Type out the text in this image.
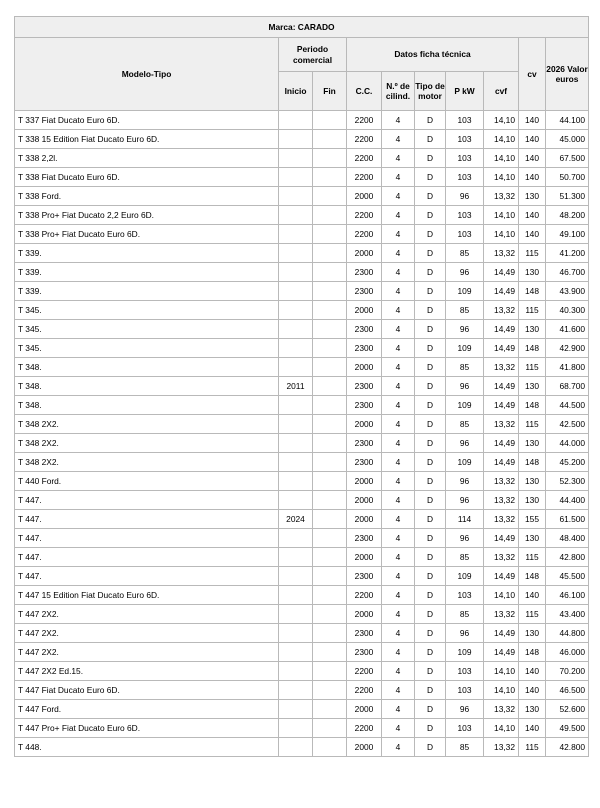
Marca: CARADO									
Modelo-Tipo	Periodo comercial		Datos ficha técnica					cv	2026 Valor euros
	Inicio	Fin	C.C.	N.º de cilind.	Tipo de motor	P kW	cvf		
T 337 Fiat Ducato Euro 6D.			2200	4	D	103	14,10	140	44.100
T 338 15 Edition Fiat Ducato Euro 6D.			2200	4	D	103	14,10	140	45.000
T 338 2,2l.			2200	4	D	103	14,10	140	67.500
T 338 Fiat Ducato Euro 6D.			2200	4	D	103	14,10	140	50.700
T 338 Ford.			2000	4	D	96	13,32	130	51.300
T 338 Pro+ Fiat Ducato 2,2 Euro 6D.			2200	4	D	103	14,10	140	48.200
T 338 Pro+ Fiat Ducato Euro 6D.			2200	4	D	103	14,10	140	49.100
T 339.			2000	4	D	85	13,32	115	41.200
T 339.			2300	4	D	96	14,49	130	46.700
T 339.			2300	4	D	109	14,49	148	43.900
T 345.			2000	4	D	85	13,32	115	40.300
T 345.			2300	4	D	96	14,49	130	41.600
T 345.			2300	4	D	109	14,49	148	42.900
T 348.			2000	4	D	85	13,32	115	41.800
T 348.	2011		2300	4	D	96	14,49	130	68.700
T 348.			2300	4	D	109	14,49	148	44.500
T 348 2X2.			2000	4	D	85	13,32	115	42.500
T 348 2X2.			2300	4	D	96	14,49	130	44.000
T 348 2X2.			2300	4	D	109	14,49	148	45.200
T 440 Ford.			2000	4	D	96	13,32	130	52.300
T 447.			2000	4	D	96	13,32	130	44.400
T 447.	2024		2000	4	D	114	13,32	155	61.500
T 447.			2300	4	D	96	14,49	130	48.400
T 447.			2000	4	D	85	13,32	115	42.800
T 447.			2300	4	D	109	14,49	148	45.500
T 447 15 Edition Fiat Ducato Euro 6D.			2200	4	D	103	14,10	140	46.100
T 447 2X2.			2000	4	D	85	13,32	115	43.400
T 447 2X2.			2300	4	D	96	14,49	130	44.800
T 447 2X2.			2300	4	D	109	14,49	148	46.000
T 447 2X2 Ed.15.			2200	4	D	103	14,10	140	70.200
T 447 Fiat Ducato Euro 6D.			2200	4	D	103	14,10	140	46.500
T 447 Ford.			2000	4	D	96	13,32	130	52.600
T 447 Pro+ Fiat Ducato Euro 6D.			2200	4	D	103	14,10	140	49.500
T 448.			2000	4	D	85	13,32	115	42.800
